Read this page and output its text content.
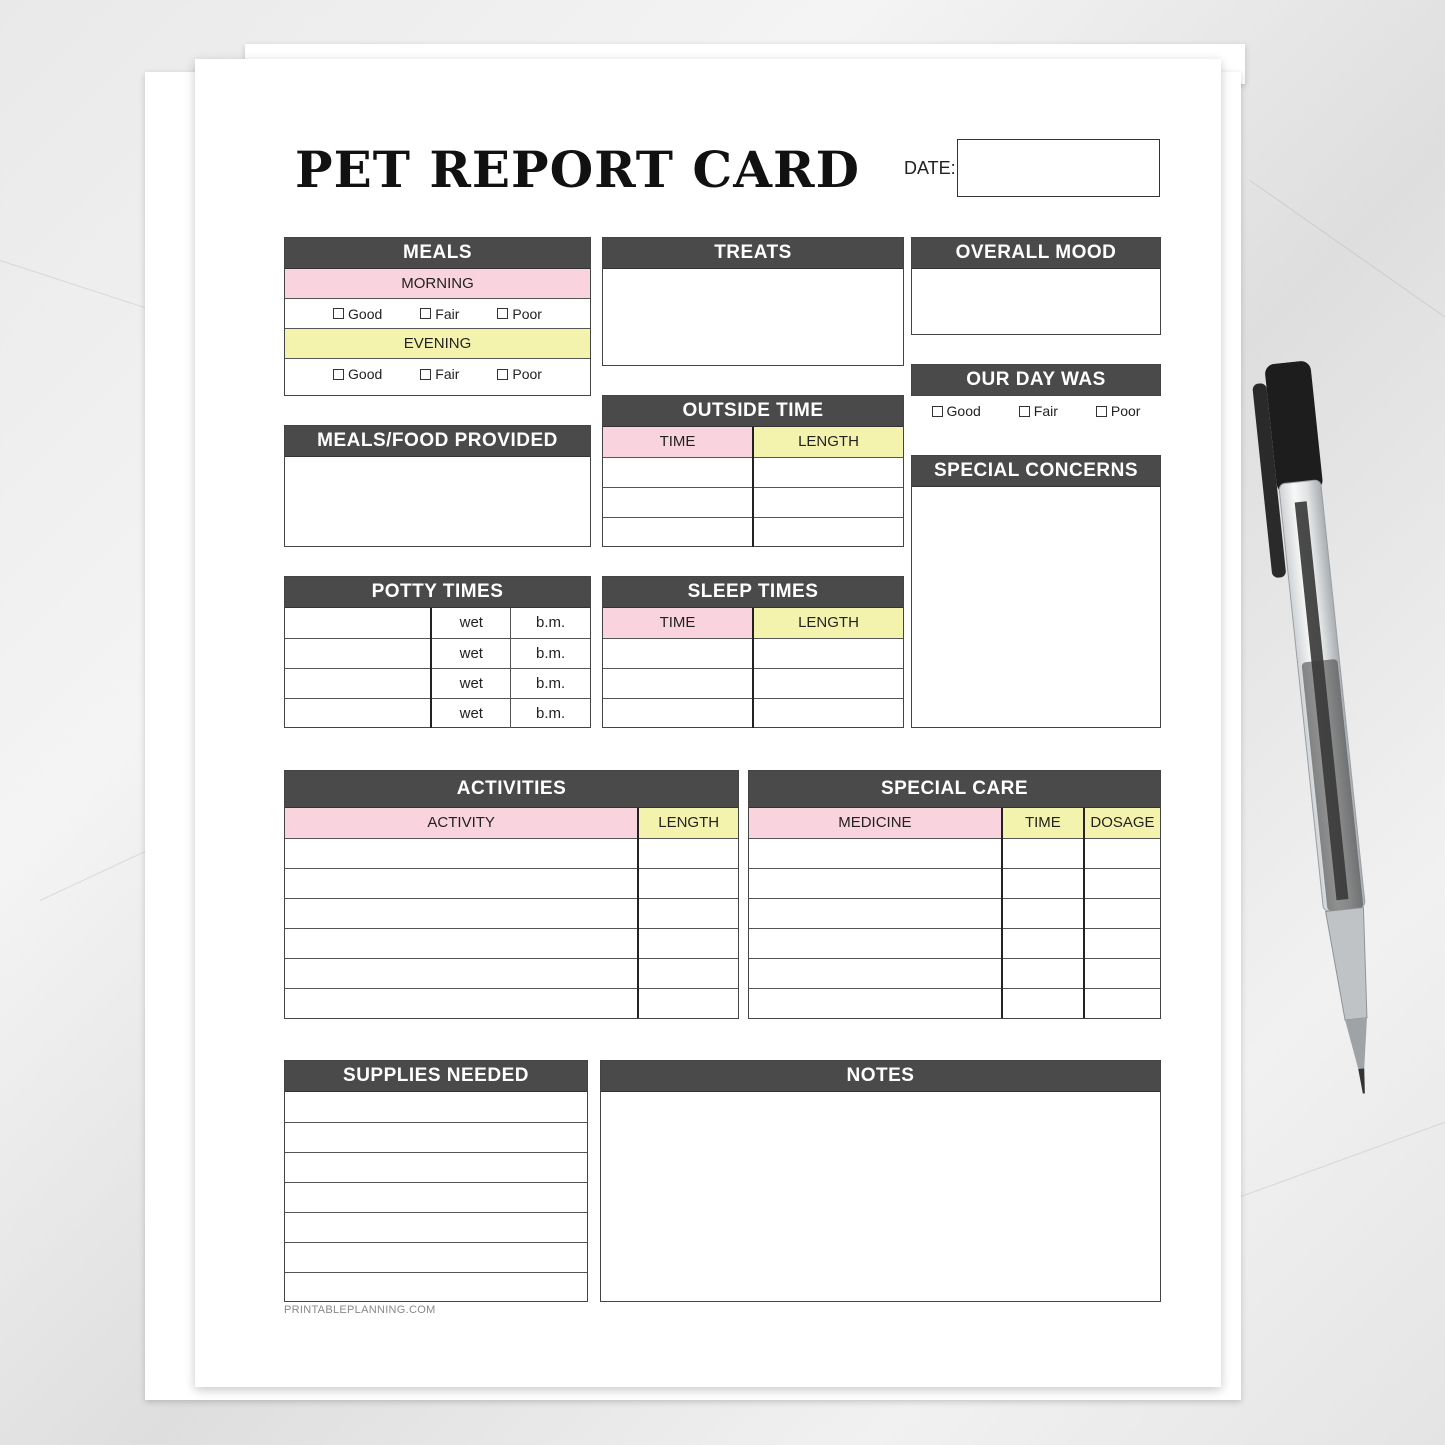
PET REPORT CARD DATE:
MEALS
MORNING
Good	Fair	Poor
EVENING
Good	Fair	Poor
TREATS	OVERALL MOOD
OUR DAY WAS
Good	Fair	Poor
MEALS/FOOD PROVIDED
OUTSIDE TIME
TIME	LENGTH

SPECIAL CONCERNS
POTTY TIMES
	wet	b.m.
	wet	b.m.
	wet	b.m.
	wet	b.m.
SLEEP TIMES
TIME	LENGTH

ACTIVITIES
ACTIVITY	LENGTH

SPECIAL CARE
MEDICINE	TIME	DOSAGE

SUPPLIES NEEDED	NOTES
PRINTABLEPLANNING.COM
